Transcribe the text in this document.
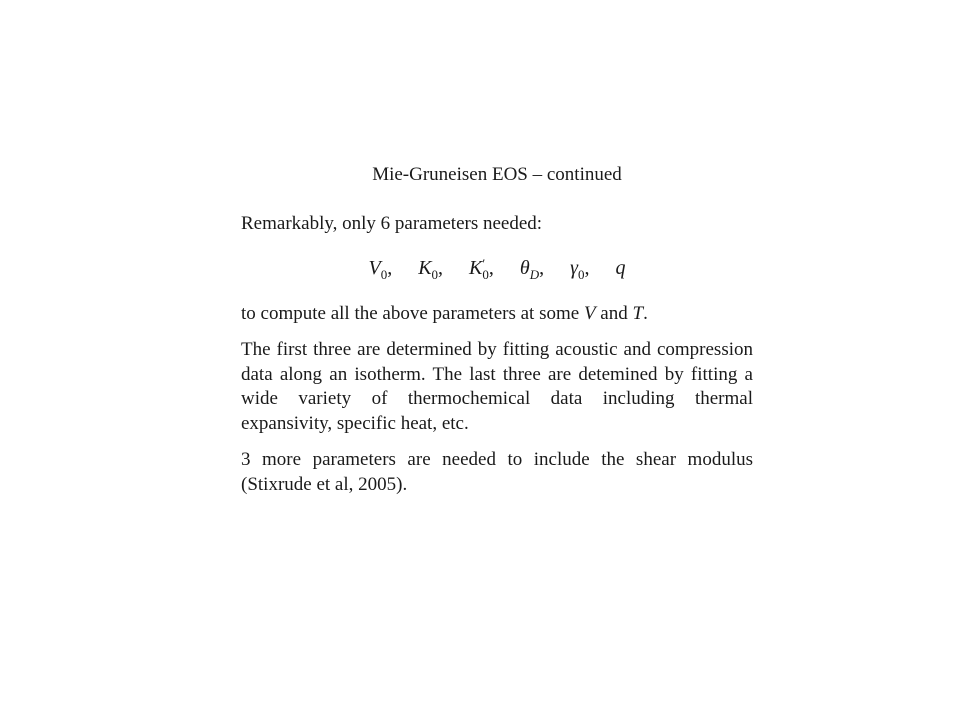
Mie-Gruneisen EOS – continued

Remarkably, only 6 parameters needed:

$V_0$, $K_0$, K ′
0 , $\theta_D$, $\gamma_0$, q

to compute all the above parameters at some V and T.

The first three are determined by fitting acoustic and compression data along an isotherm. The last three are detemined by fitting a wide variety of thermochemical data including thermal expansivity, specific heat, etc.

3 more parameters are needed to include the shear modulus (Stixrude et al, 2005).
